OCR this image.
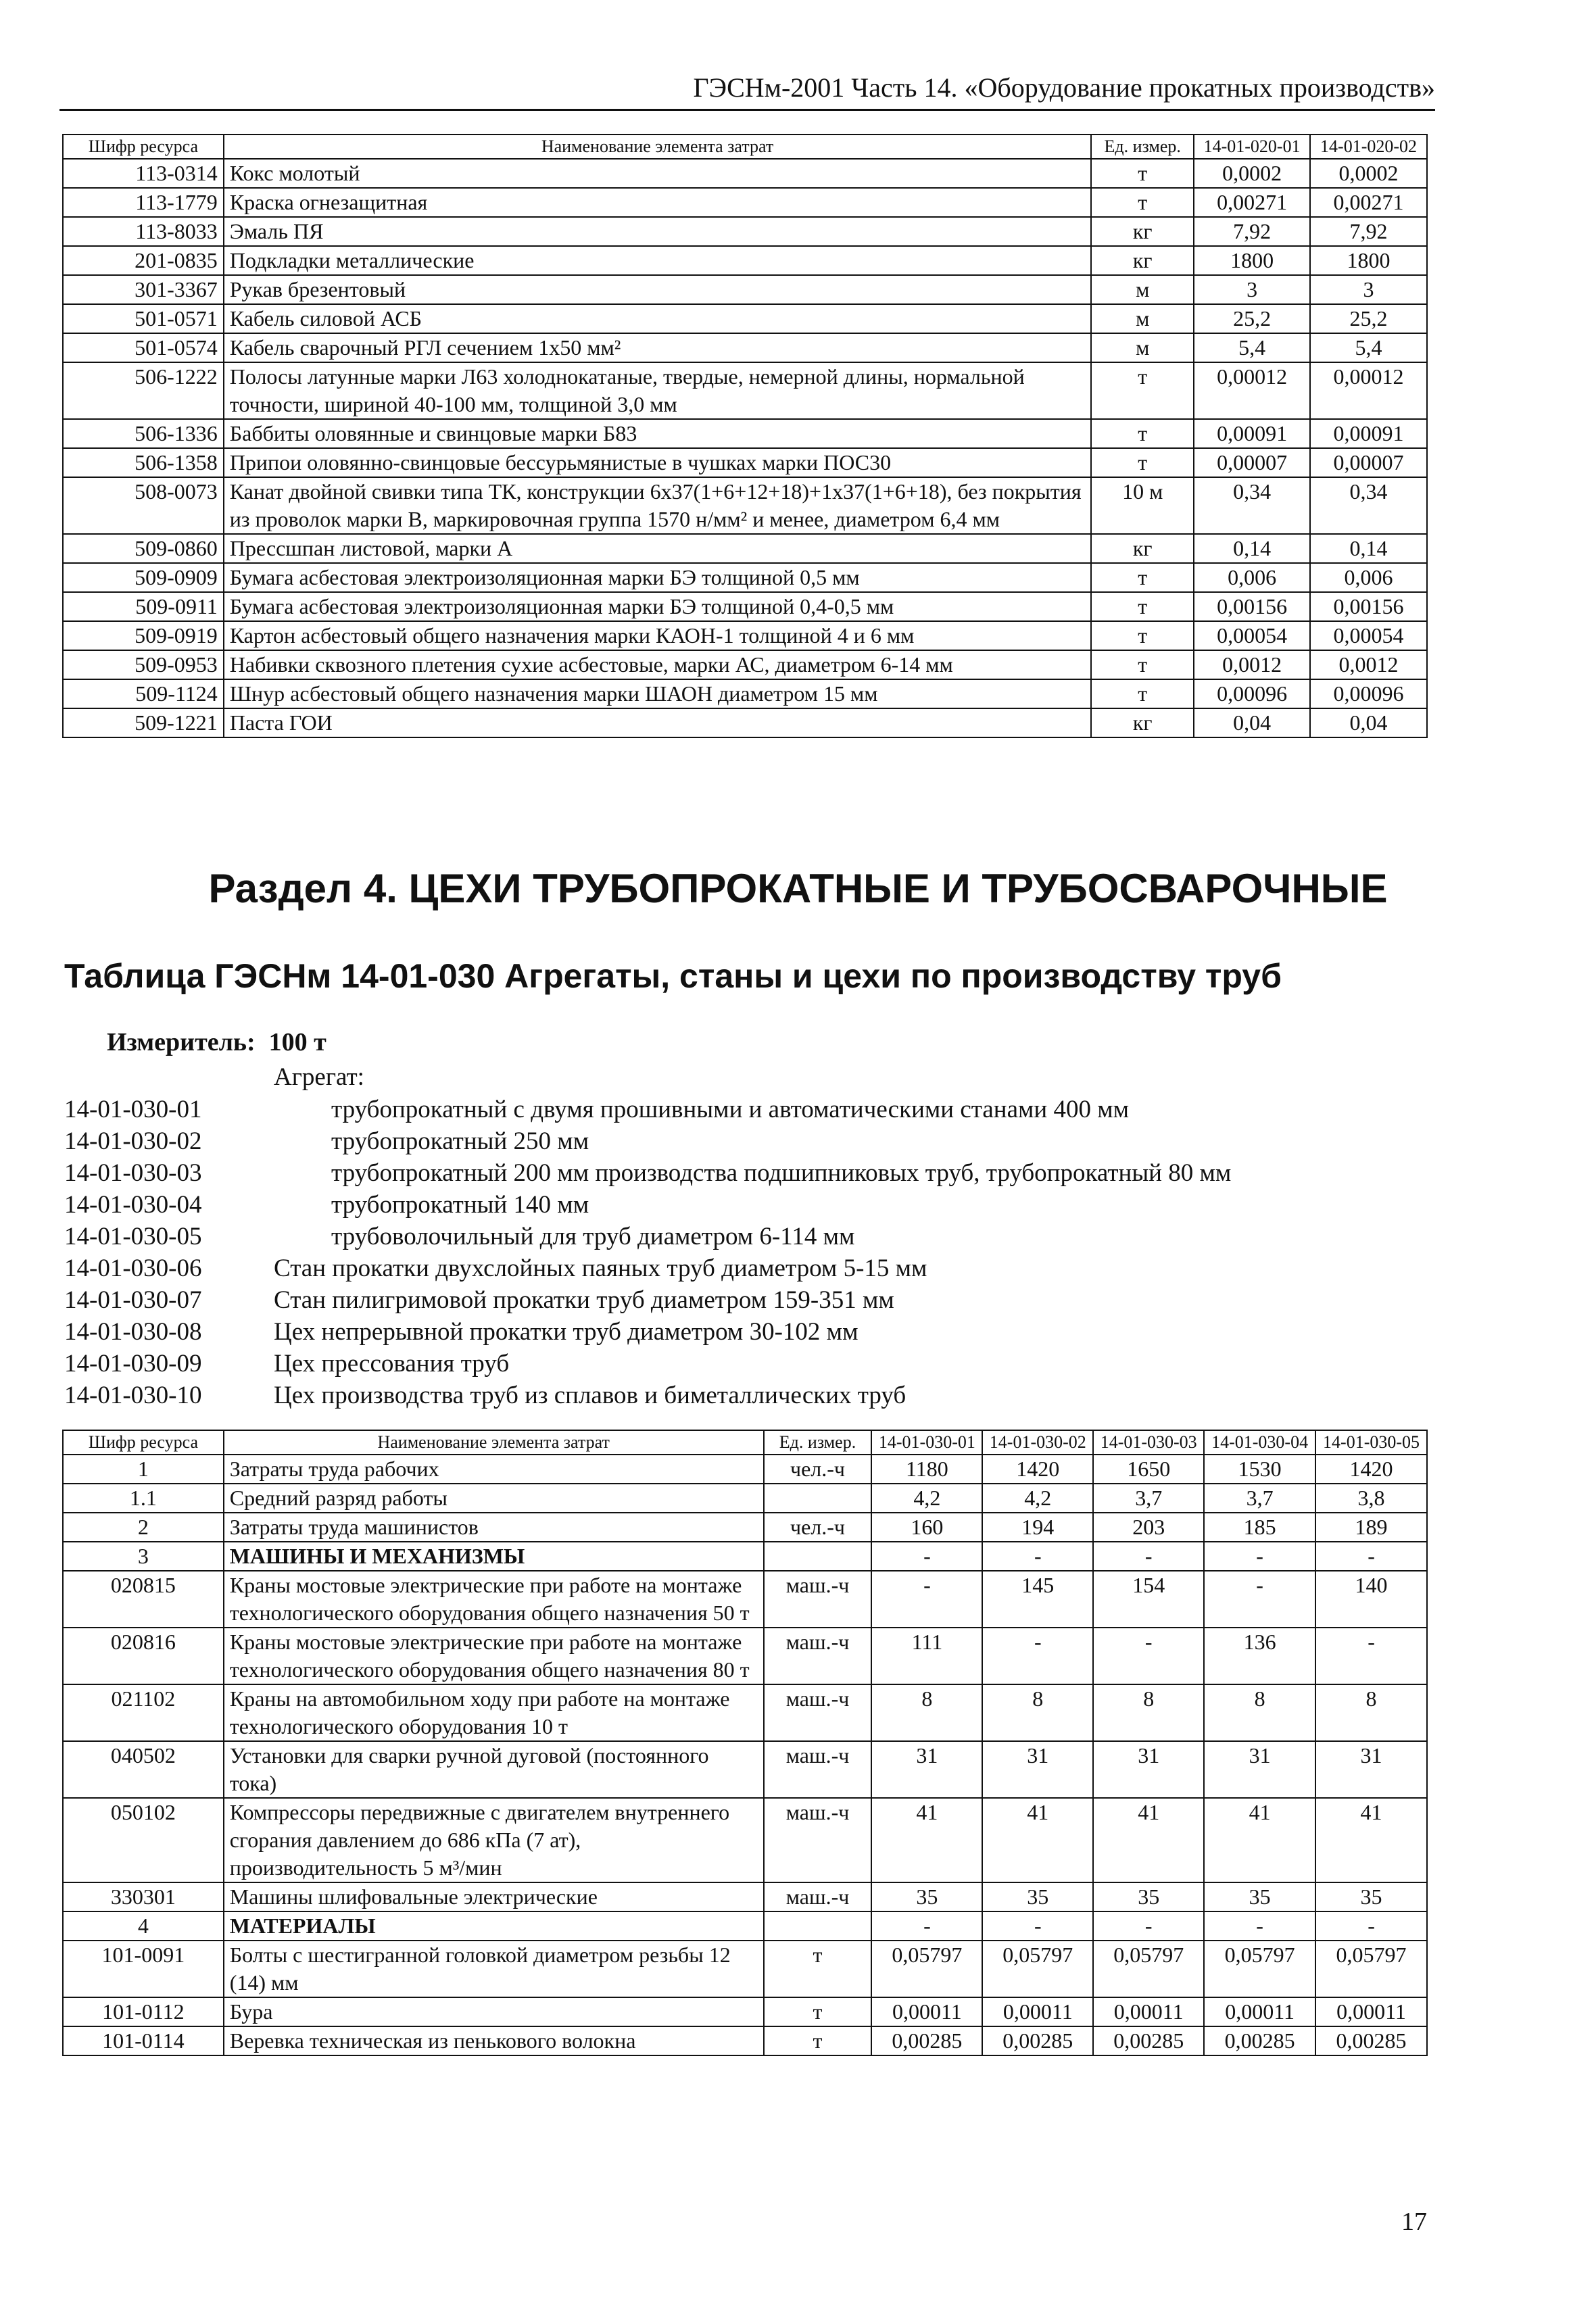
ГЭСНм-2001 Часть 14. «Оборудование прокатных производств»
Шифр ресурса	Наименование элемента затрат	Ед. измер.	14-01-020-01	14-01-020-02
113-0314	Кокс молотый	т	0,0002	0,0002
113-1779	Краска огнезащитная	т	0,00271	0,00271
113-8033	Эмаль ПЯ	кг	7,92	7,92
201-0835	Подкладки металлические	кг	1800	1800
301-3367	Рукав брезентовый	м	3	3
501-0571	Кабель силовой АСБ	м	25,2	25,2
501-0574	Кабель сварочный РГЛ сечением 1х50 мм²	м	5,4	5,4
506-1222	Полосы латунные марки Л63 холоднокатаные, твердые, немерной длины, нормальной точности, шириной 40-100 мм, толщиной 3,0 мм	т	0,00012	0,00012
506-1336	Баббиты оловянные и свинцовые марки Б83	т	0,00091	0,00091
506-1358	Припои оловянно-свинцовые бессурьмянистые в чушках марки ПОС30	т	0,00007	0,00007
508-0073	Канат двойной свивки типа ТК, конструкции 6х37(1+6+12+18)+1х37(1+6+18), без покрытия из проволок марки В, маркировочная группа 1570 н/мм² и менее, диаметром 6,4 мм	10 м	0,34	0,34
509-0860	Прессшпан листовой, марки А	кг	0,14	0,14
509-0909	Бумага асбестовая электроизоляционная марки БЭ толщиной 0,5 мм	т	0,006	0,006
509-0911	Бумага асбестовая электроизоляционная марки БЭ толщиной 0,4-0,5 мм	т	0,00156	0,00156
509-0919	Картон асбестовый общего назначения марки КАОН-1 толщиной 4 и 6 мм	т	0,00054	0,00054
509-0953	Набивки сквозного плетения сухие асбестовые, марки АС, диаметром 6-14 мм	т	0,0012	0,0012
509-1124	Шнур асбестовый общего назначения марки ШАОН диаметром 15 мм	т	0,00096	0,00096
509-1221	Паста ГОИ	кг	0,04	0,04
Раздел 4. ЦЕХИ ТРУБОПРОКАТНЫЕ И ТРУБОСВАРОЧНЫЕ
Таблица ГЭСНм 14-01-030 Агрегаты, станы и цехи по производству труб
Измеритель: 100 т
Агрегат:
14-01-030-01	трубопрокатный с двумя прошивными и автоматическими станами 400 мм
14-01-030-02	трубопрокатный 250 мм
14-01-030-03	трубопрокатный 200 мм производства подшипниковых труб, трубопрокатный 80 мм
14-01-030-04	трубопрокатный 140 мм
14-01-030-05	трубоволочильный для труб диаметром 6-114 мм
14-01-030-06	Стан прокатки двухслойных паяных труб диаметром 5-15 мм
14-01-030-07	Стан пилигримовой прокатки труб диаметром 159-351 мм
14-01-030-08	Цех непрерывной прокатки труб диаметром 30-102 мм
14-01-030-09	Цех прессования труб
14-01-030-10	Цех производства труб из сплавов и биметаллических труб
Шифр ресурса	Наименование элемента затрат	Ед. измер.	14-01-030-01	14-01-030-02	14-01-030-03	14-01-030-04	14-01-030-05
1	Затраты труда рабочих	чел.-ч	1180	1420	1650	1530	1420
1.1	Средний разряд работы		4,2	4,2	3,7	3,7	3,8
2	Затраты труда машинистов	чел.-ч	160	194	203	185	189
3	МАШИНЫ И МЕХАНИЗМЫ		-	-	-	-	-
020815	Краны мостовые электрические при работе на монтаже технологического оборудования общего назначения 50 т	маш.-ч	-	145	154	-	140
020816	Краны мостовые электрические при работе на монтаже технологического оборудования общего назначения 80 т	маш.-ч	111	-	-	136	-
021102	Краны на автомобильном ходу при работе на монтаже технологического оборудования 10 т	маш.-ч	8	8	8	8	8
040502	Установки для сварки ручной дуговой (постоянного тока)	маш.-ч	31	31	31	31	31
050102	Компрессоры передвижные с двигателем внутреннего сгорания давлением до 686 кПа (7 ат), производительность 5 м³/мин	маш.-ч	41	41	41	41	41
330301	Машины шлифовальные электрические	маш.-ч	35	35	35	35	35
4	МАТЕРИАЛЫ		-	-	-	-	-
101-0091	Болты с шестигранной головкой диаметром резьбы 12 (14) мм	т	0,05797	0,05797	0,05797	0,05797	0,05797
101-0112	Бура	т	0,00011	0,00011	0,00011	0,00011	0,00011
101-0114	Веревка техническая из пенькового волокна	т	0,00285	0,00285	0,00285	0,00285	0,00285
17
